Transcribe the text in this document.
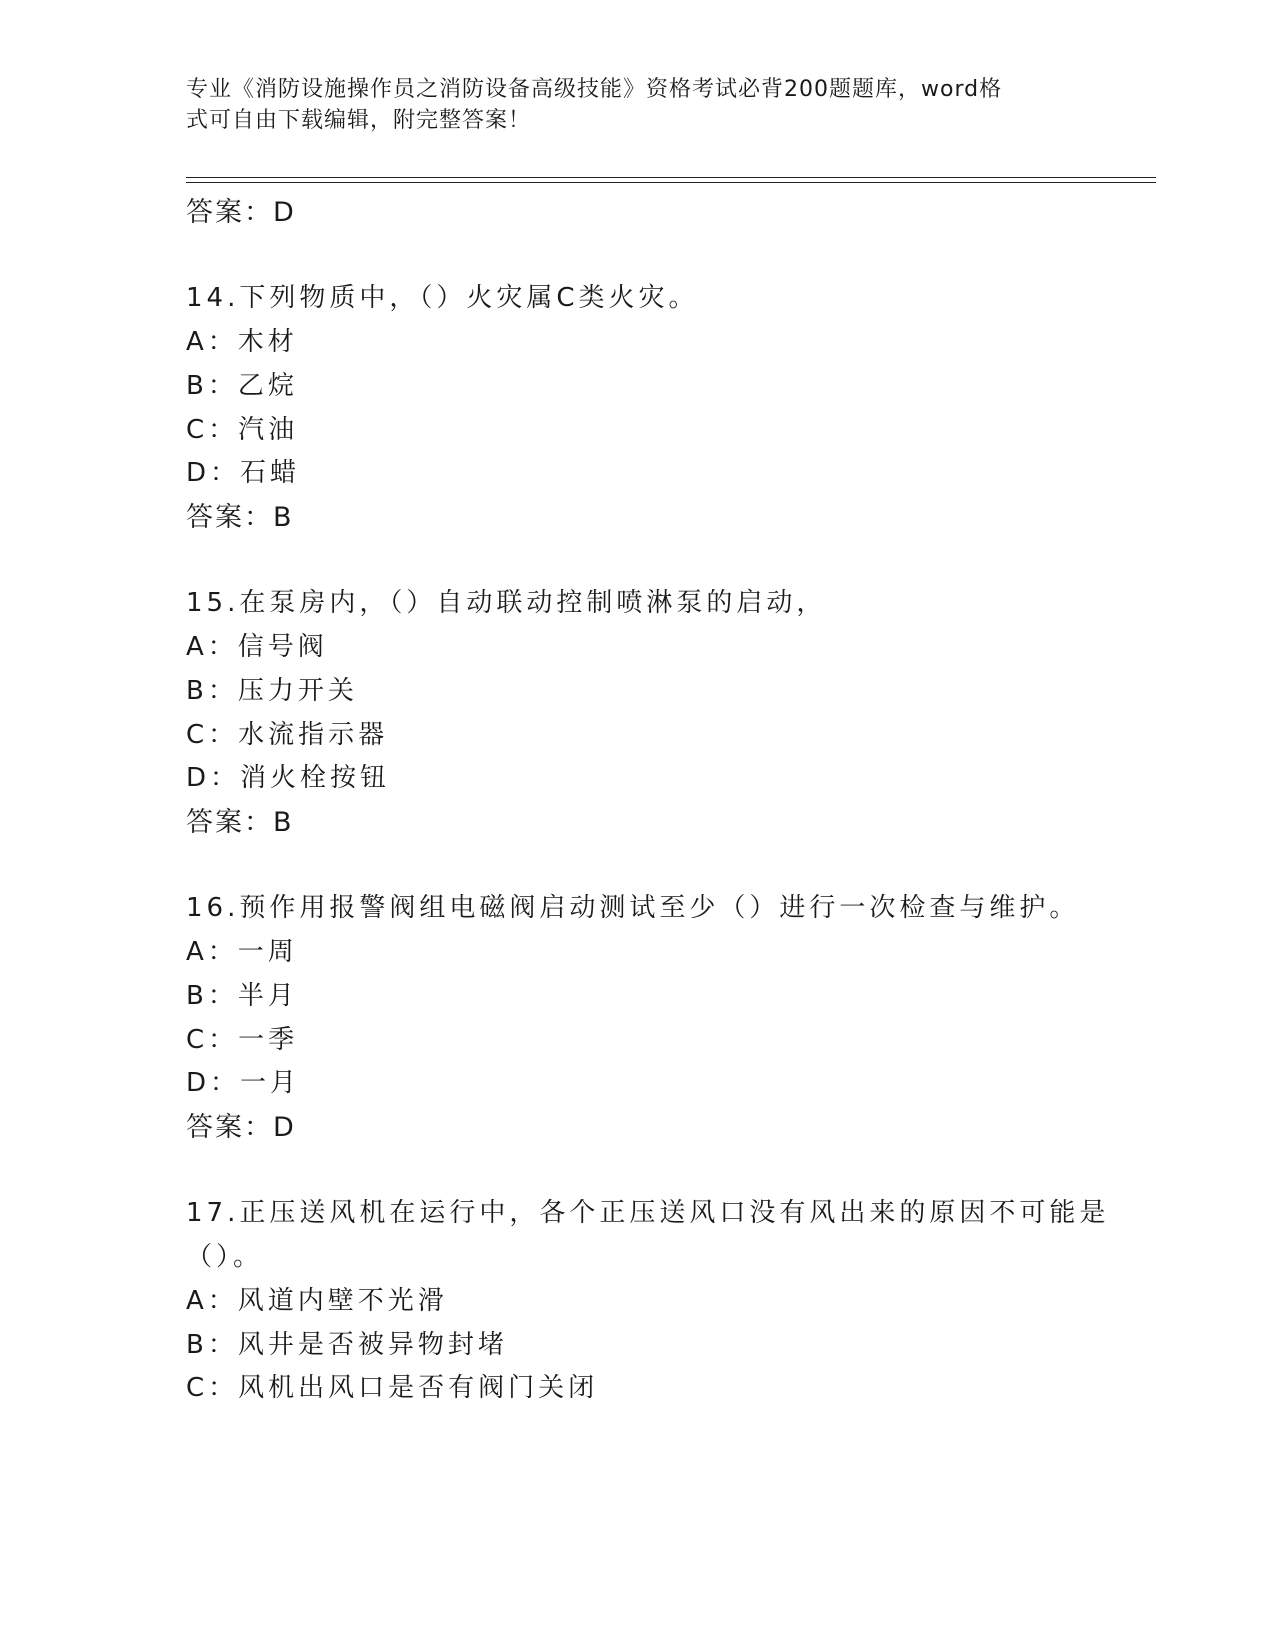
专业《消防设施操作员之消防设备高级技能》资格考试必背200题题库，word格
式可自由下载编辑，附完整答案！
答案：D
14.下列物质中，（）火灾属C类火灾。
A：木材
B：乙烷
C：汽油
D：石蜡
答案：B
15.在泵房内，（）自动联动控制喷淋泵的启动，
A：信号阀
B：压力开关
C：水流指示器
D：消火栓按钮
答案：B
16.预作用报警阀组电磁阀启动测试至少（）进行一次检查与维护。
A：一周
B：半月
C：一季
D：一月
答案：D
17.正压送风机在运行中，各个正压送风口没有风出来的原因不可能是
（）。
A：风道内壁不光滑
B：风井是否被异物封堵
C：风机出风口是否有阀门关闭
